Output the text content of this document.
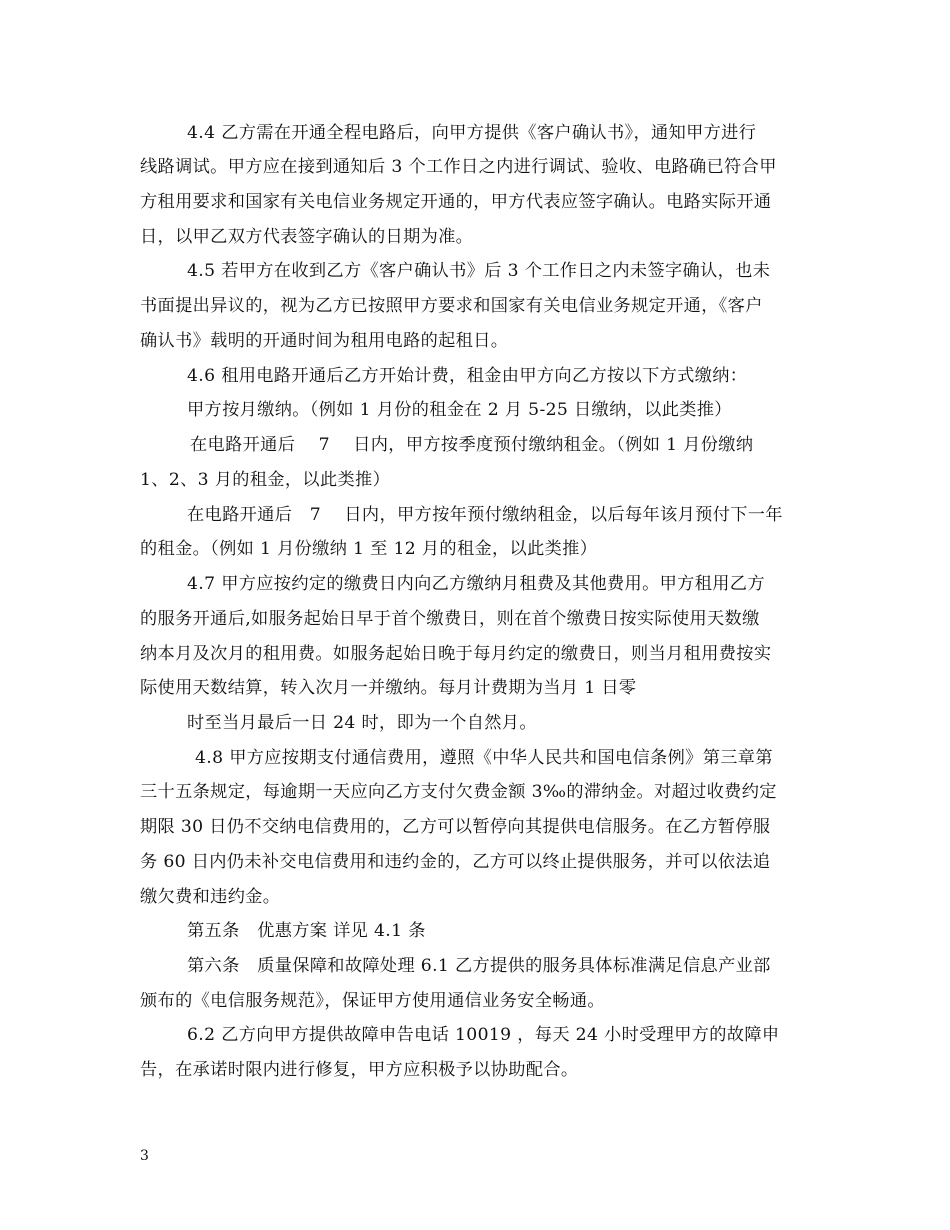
4.4 乙方需在开通全程电路后，向甲方提供《客户确认书》，通知甲方进行
线路调试。甲方应在接到通知后 3 个工作日之内进行调试、验收、电路确已符合甲
方租用要求和国家有关电信业务规定开通的，甲方代表应签字确认。电路实际开通
日，以甲乙双方代表签字确认的日期为准。
4.5 若甲方在收到乙方《客户确认书》后 3 个工作日之内未签字确认，也未
书面提出异议的，视为乙方已按照甲方要求和国家有关电信业务规定开通，《客户
确认书》载明的开通时间为租用电路的起租日。
4.6 租用电路开通后乙方开始计费，租金由甲方向乙方按以下方式缴纳：
甲方按月缴纳。（例如 1 月份的租金在 2 月 5-25 日缴纳，以此类推）
在电路开通后　 7　 日内，甲方按季度预付缴纳租金。（例如 1 月份缴纳
1、2、3 月的租金，以此类推）
在电路开通后　7　 日内，甲方按年预付缴纳租金，以后每年该月预付下一年
的租金。（例如 1 月份缴纳 1 至 12 月的租金，以此类推）
4.7 甲方应按约定的缴费日内向乙方缴纳月租费及其他费用。甲方租用乙方
的服务开通后,如服务起始日早于首个缴费日，则在首个缴费日按实际使用天数缴
纳本月及次月的租用费。如服务起始日晚于每月约定的缴费日，则当月租用费按实
际使用天数结算，转入次月一并缴纳。每月计费期为当月 1 日零
时至当月最后一日 24 时，即为一个自然月。
4.8 甲方应按期支付通信费用，遵照《中华人民共和国电信条例》第三章第
三十五条规定，每逾期一天应向乙方支付欠费金额 3‰的滞纳金。对超过收费约定
期限 30 日仍不交纳电信费用的，乙方可以暂停向其提供电信服务。在乙方暂停服
务 60 日内仍未补交电信费用和违约金的，乙方可以终止提供服务，并可以依法追
缴欠费和违约金。
第五条　优惠方案 详见 4.1 条
第六条　质量保障和故障处理 6.1 乙方提供的服务具体标准满足信息产业部
颁布的《电信服务规范》，保证甲方使用通信业务安全畅通。
6.2 乙方向甲方提供故障申告电话 10019 ，每天 24 小时受理甲方的故障申
告，在承诺时限内进行修复，甲方应积极予以协助配合。
3
